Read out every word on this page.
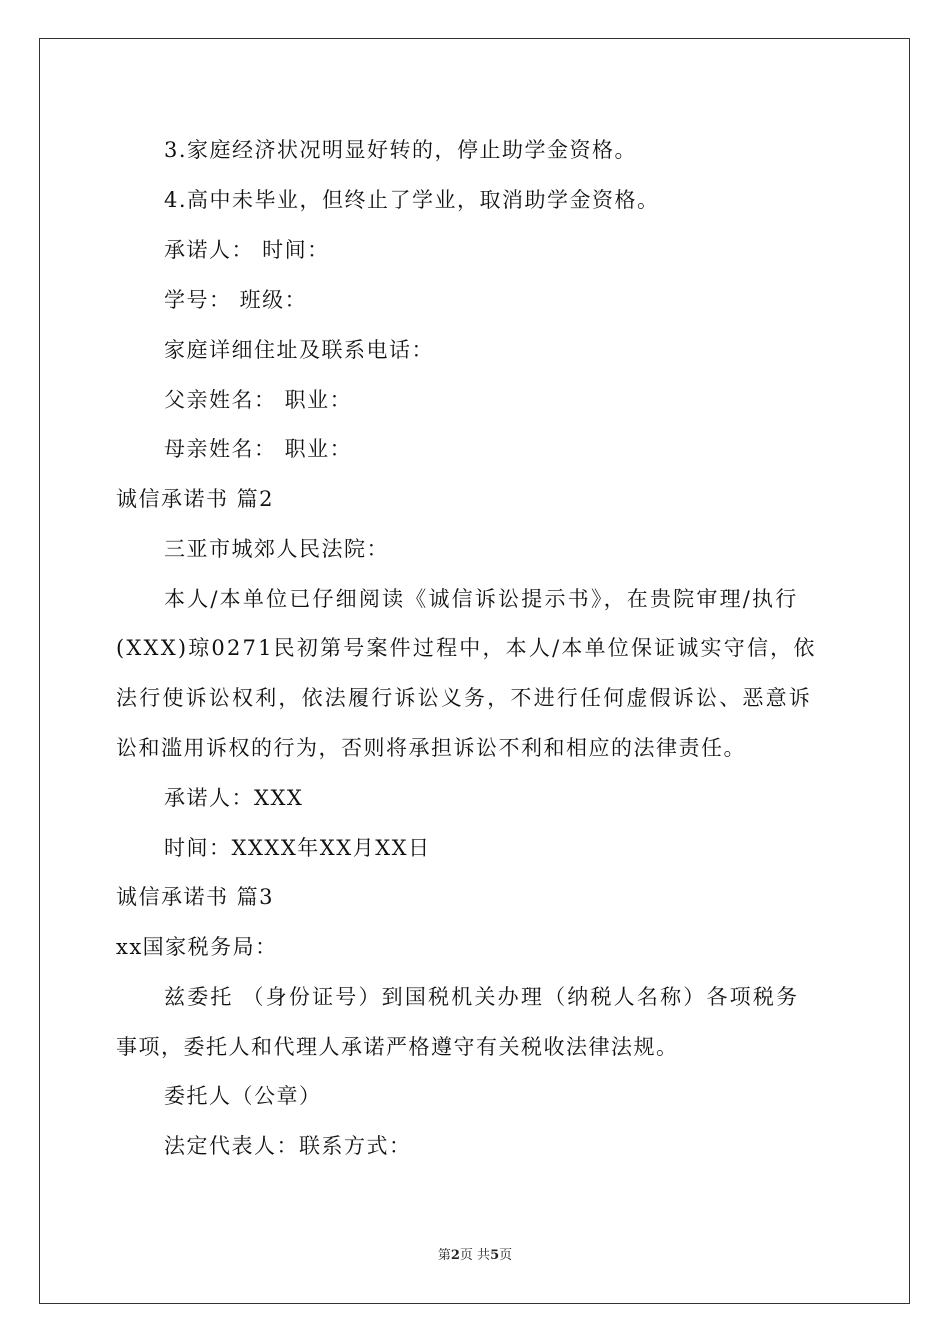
3.家庭经济状况明显好转的，停止助学金资格。
4.高中未毕业，但终止了学业，取消助学金资格。
承诺人： 时间：
学号： 班级：
家庭详细住址及联系电话：
父亲姓名： 职业：
母亲姓名： 职业：
诚信承诺书 篇2
三亚市城郊人民法院：
本人/本单位已仔细阅读《诚信诉讼提示书》，在贵院审理/执行
(XXX)琼0271民初第号案件过程中，本人/本单位保证诚实守信，依
法行使诉讼权利，依法履行诉讼义务，不进行任何虚假诉讼、恶意诉
讼和滥用诉权的行为，否则将承担诉讼不利和相应的法律责任。
承诺人：XXX
时间：XXXX年XX月XX日
诚信承诺书 篇3
xx国家税务局：
兹委托 （身份证号）到国税机关办理（纳税人名称）各项税务
事项，委托人和代理人承诺严格遵守有关税收法律法规。
委托人（公章）
法定代表人：联系方式：
第2页 共5页
